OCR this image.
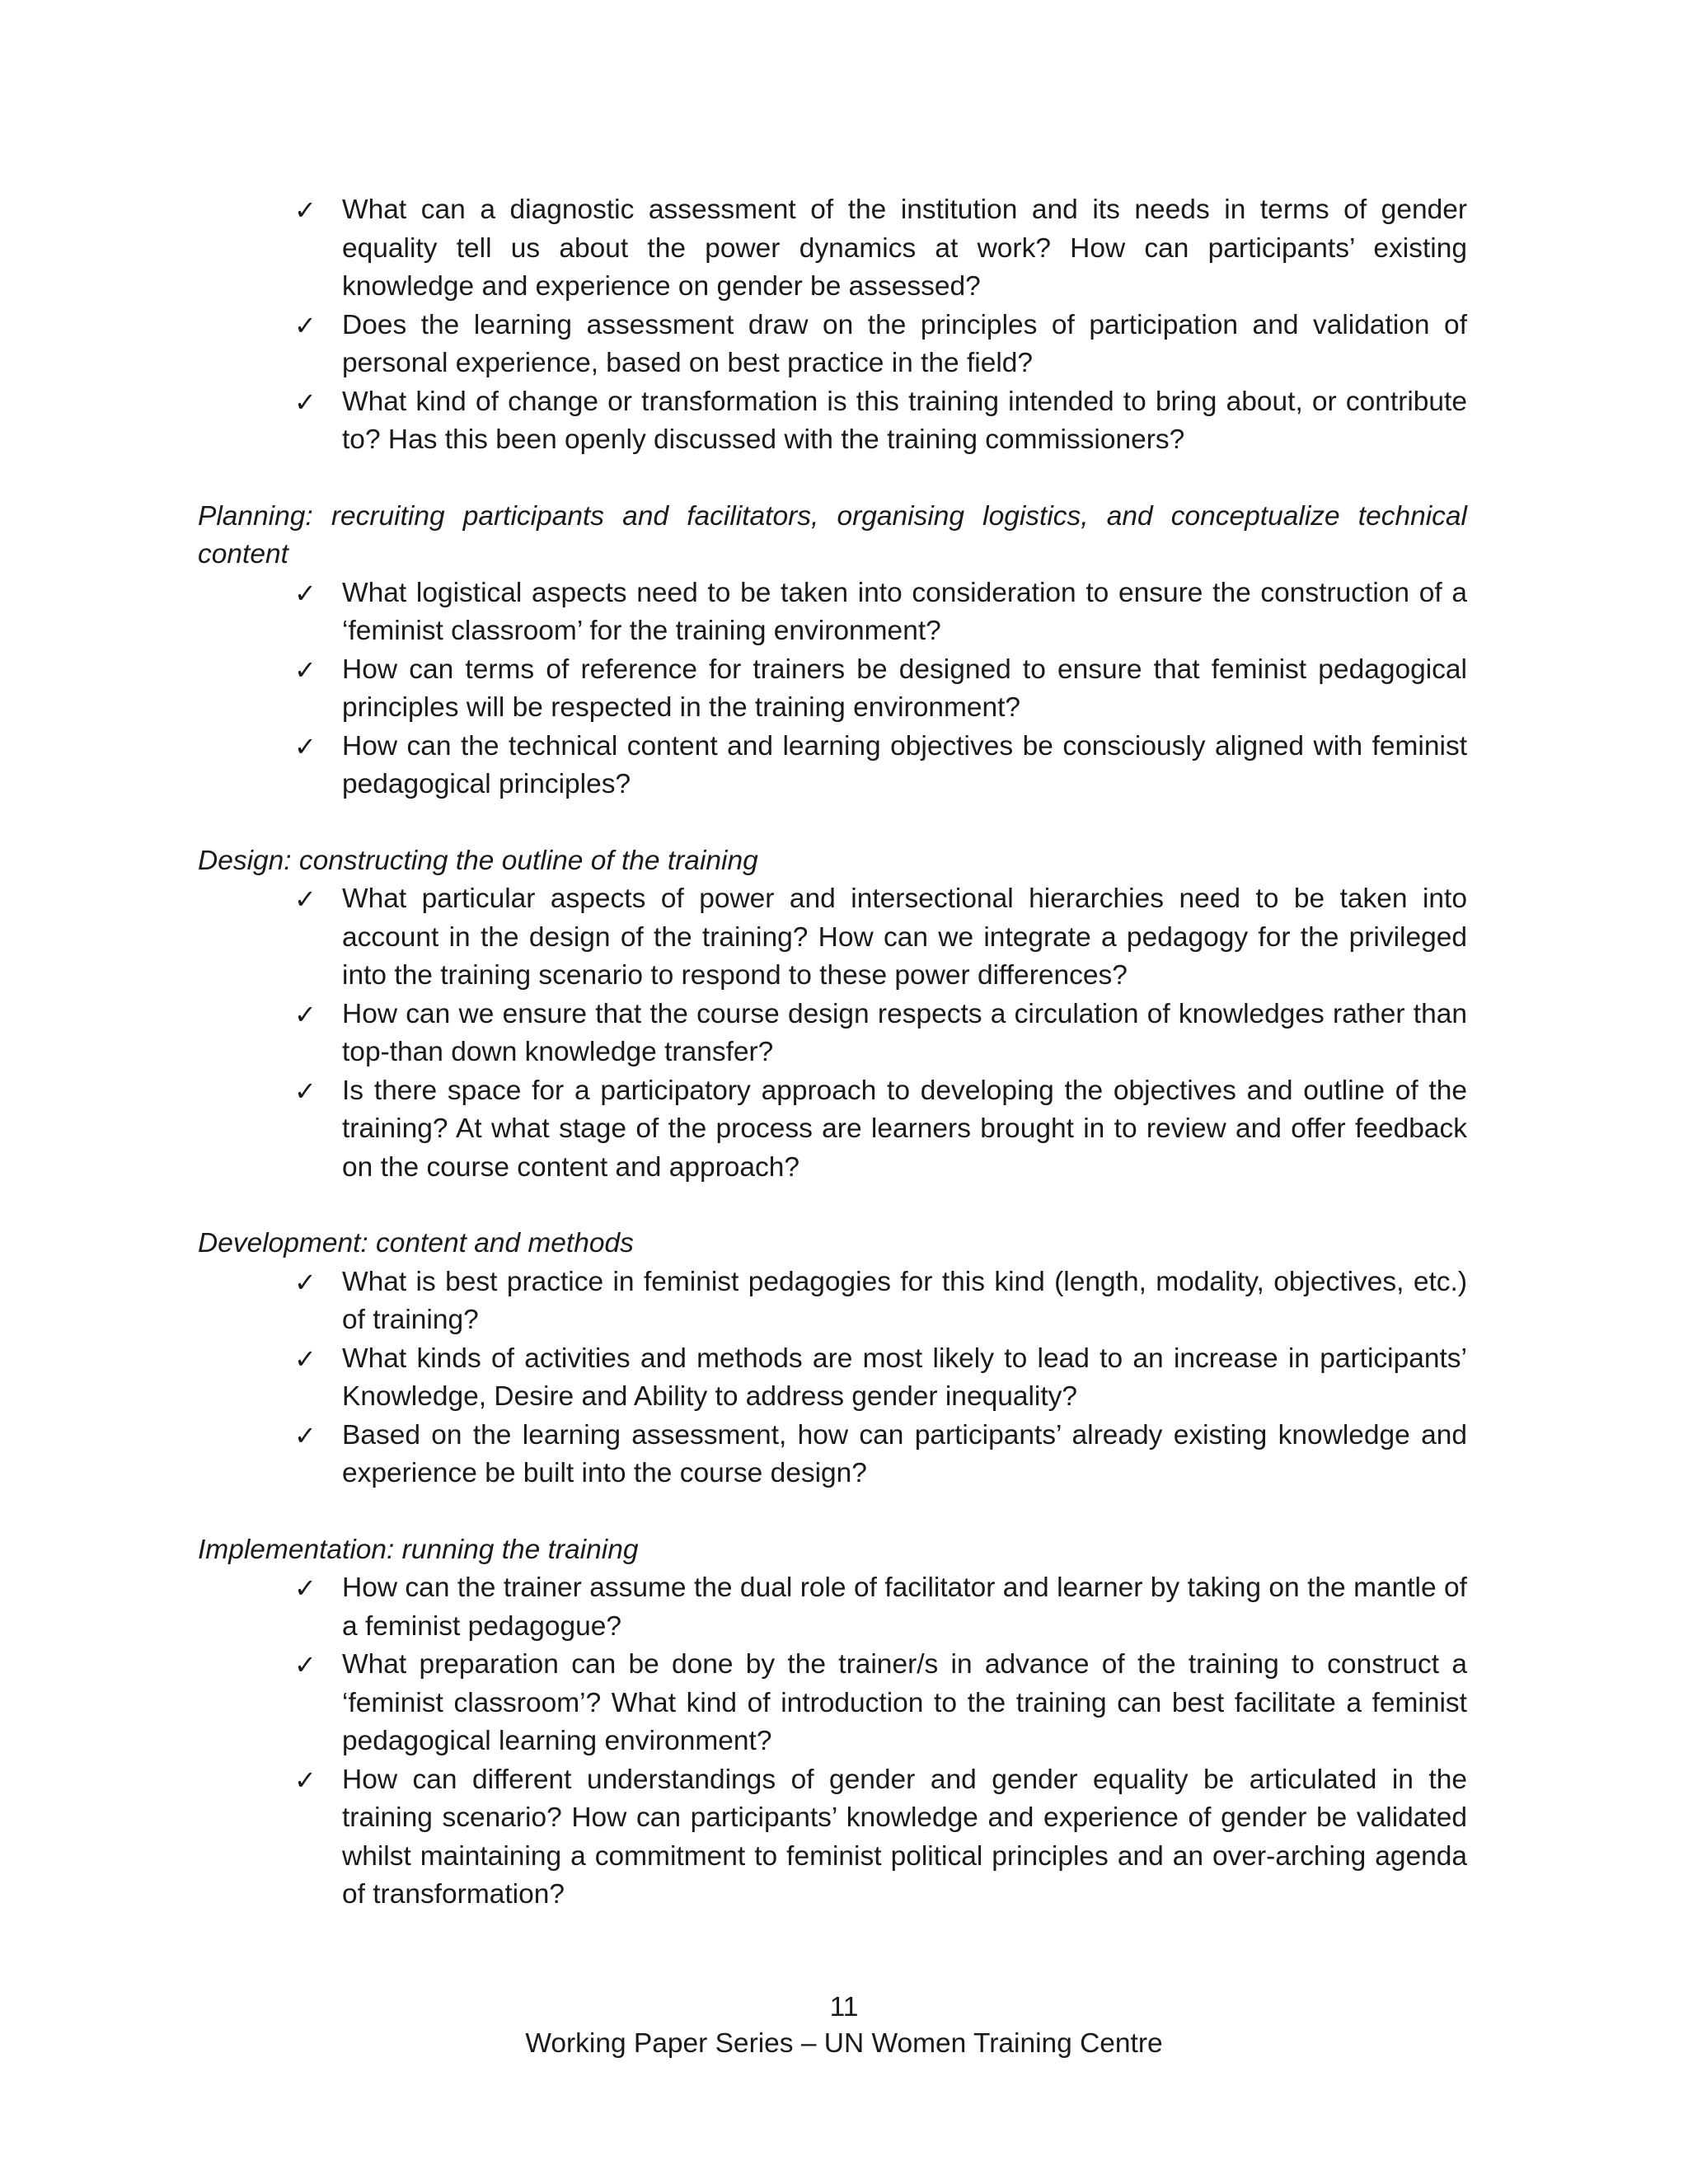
✓ What can a diagnostic assessment of the institution and its needs in terms of gender equality tell us about the power dynamics at work? How can participants’ existing knowledge and experience on gender be assessed?
✓ Does the learning assessment draw on the principles of participation and validation of personal experience, based on best practice in the field?
✓ What kind of change or transformation is this training intended to bring about, or contribute to? Has this been openly discussed with the training commissioners?
Planning: recruiting participants and facilitators, organising logistics, and conceptualize technical content
✓ What logistical aspects need to be taken into consideration to ensure the construction of a ‘feminist classroom’ for the training environment?
✓ How can terms of reference for trainers be designed to ensure that feminist pedagogical principles will be respected in the training environment?
✓ How can the technical content and learning objectives be consciously aligned with feminist pedagogical principles?
Design: constructing the outline of the training
✓ What particular aspects of power and intersectional hierarchies need to be taken into account in the design of the training? How can we integrate a pedagogy for the privileged into the training scenario to respond to these power differences?
✓ How can we ensure that the course design respects a circulation of knowledges rather than top-than down knowledge transfer?
✓ Is there space for a participatory approach to developing the objectives and outline of the training? At what stage of the process are learners brought in to review and offer feedback on the course content and approach?
Development: content and methods
✓ What is best practice in feminist pedagogies for this kind (length, modality, objectives, etc.) of training?
✓ What kinds of activities and methods are most likely to lead to an increase in participants’ Knowledge, Desire and Ability to address gender inequality?
✓ Based on the learning assessment, how can participants’ already existing knowledge and experience be built into the course design?
Implementation: running the training
✓ How can the trainer assume the dual role of facilitator and learner by taking on the mantle of a feminist pedagogue?
✓ What preparation can be done by the trainer/s in advance of the training to construct a ‘feminist classroom’? What kind of introduction to the training can best facilitate a feminist pedagogical learning environment?
✓ How can different understandings of gender and gender equality be articulated in the training scenario? How can participants’ knowledge and experience of gender be validated whilst maintaining a commitment to feminist political principles and an over-arching agenda of transformation?
11
Working Paper Series – UN Women Training Centre
